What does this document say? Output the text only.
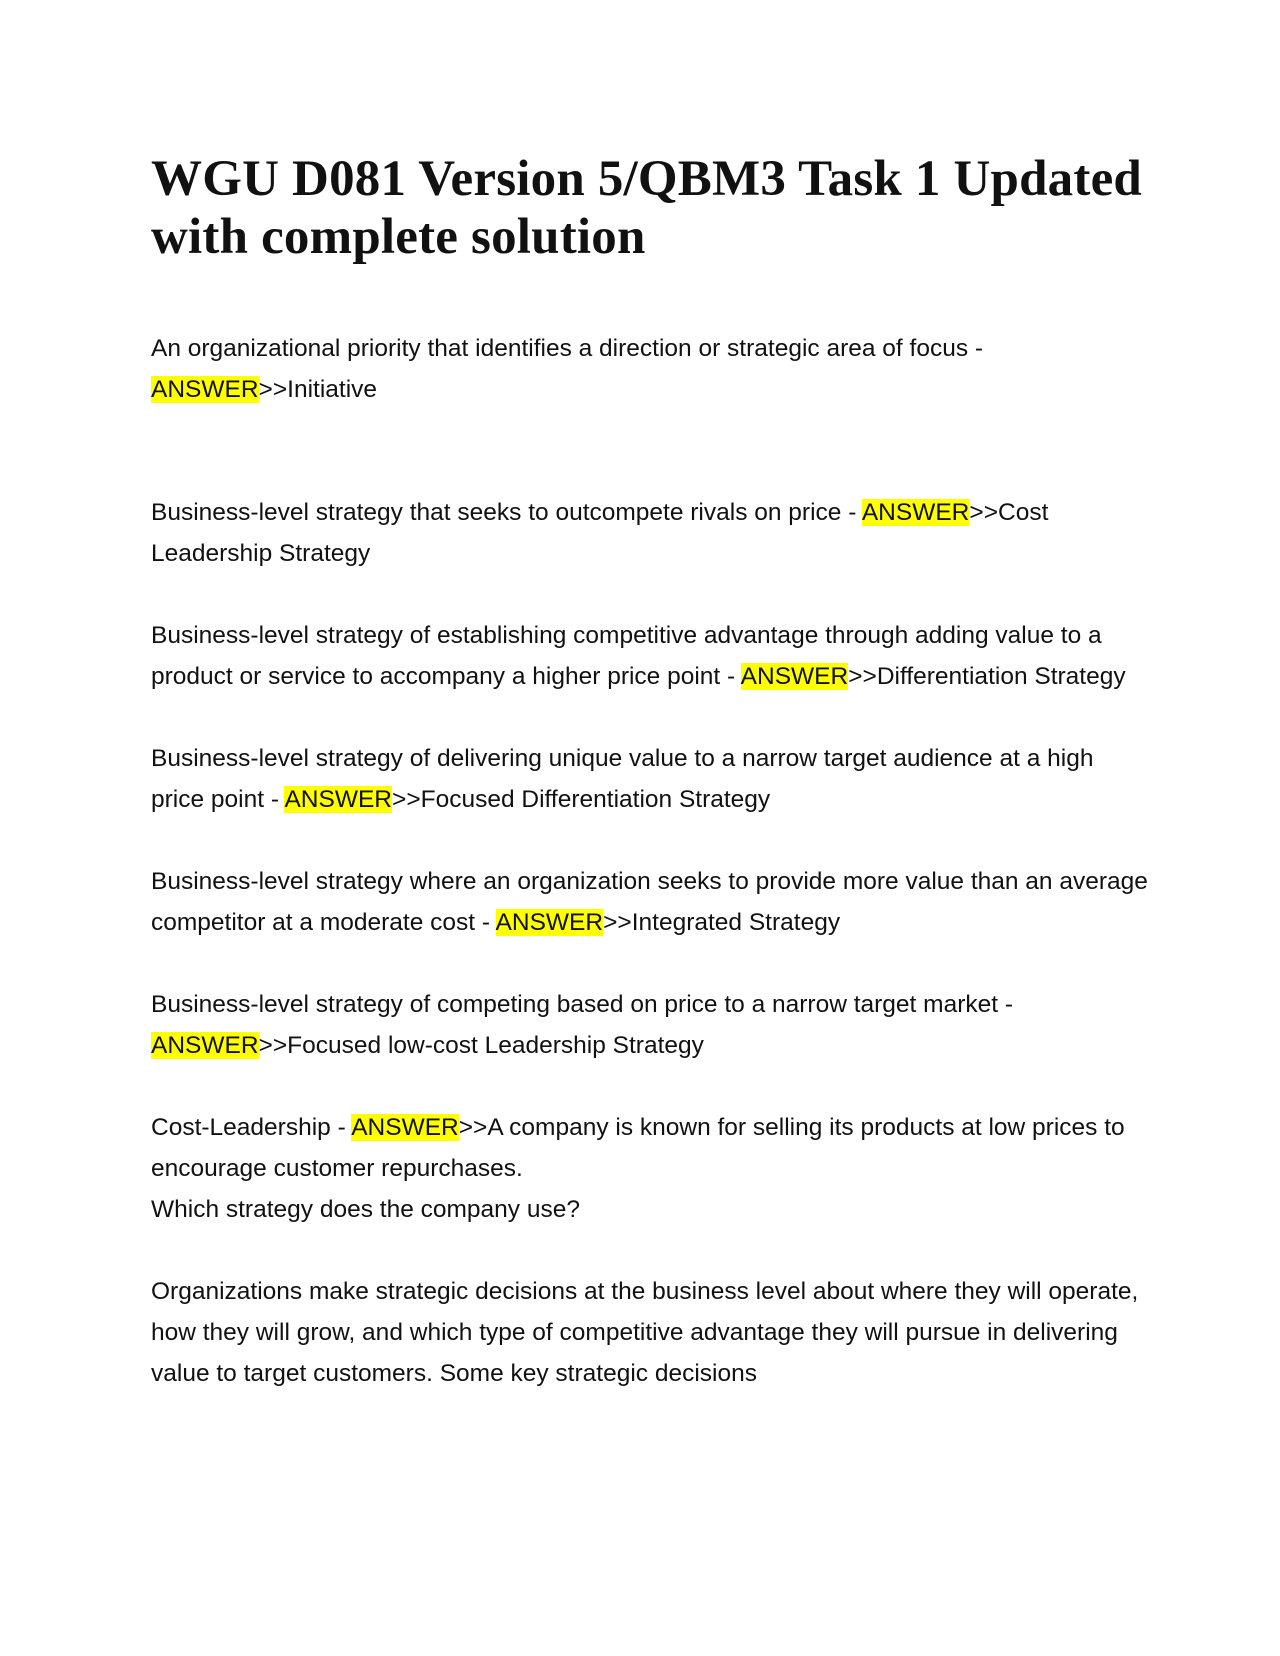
WGU D081 Version 5/QBM3 Task 1 Updated with complete solution

An organizational priority that identifies a direction or strategic area of focus - ANSWER>>Initiative

Business-level strategy that seeks to outcompete rivals on price - ANSWER>>Cost Leadership Strategy

Business-level strategy of establishing competitive advantage through adding value to a product or service to accompany a higher price point - ANSWER>>Differentiation Strategy

Business-level strategy of delivering unique value to a narrow target audience at a high price point - ANSWER>>Focused Differentiation Strategy

Business-level strategy where an organization seeks to provide more value than an average competitor at a moderate cost - ANSWER>>Integrated Strategy

Business-level strategy of competing based on price to a narrow target market - ANSWER>>Focused low-cost Leadership Strategy

Cost-Leadership - ANSWER>>A company is known for selling its products at low prices to encourage customer repurchases.
Which strategy does the company use?

Organizations make strategic decisions at the business level about where they will operate, how they will grow, and which type of competitive advantage they will pursue in delivering value to target customers. Some key strategic decisions
